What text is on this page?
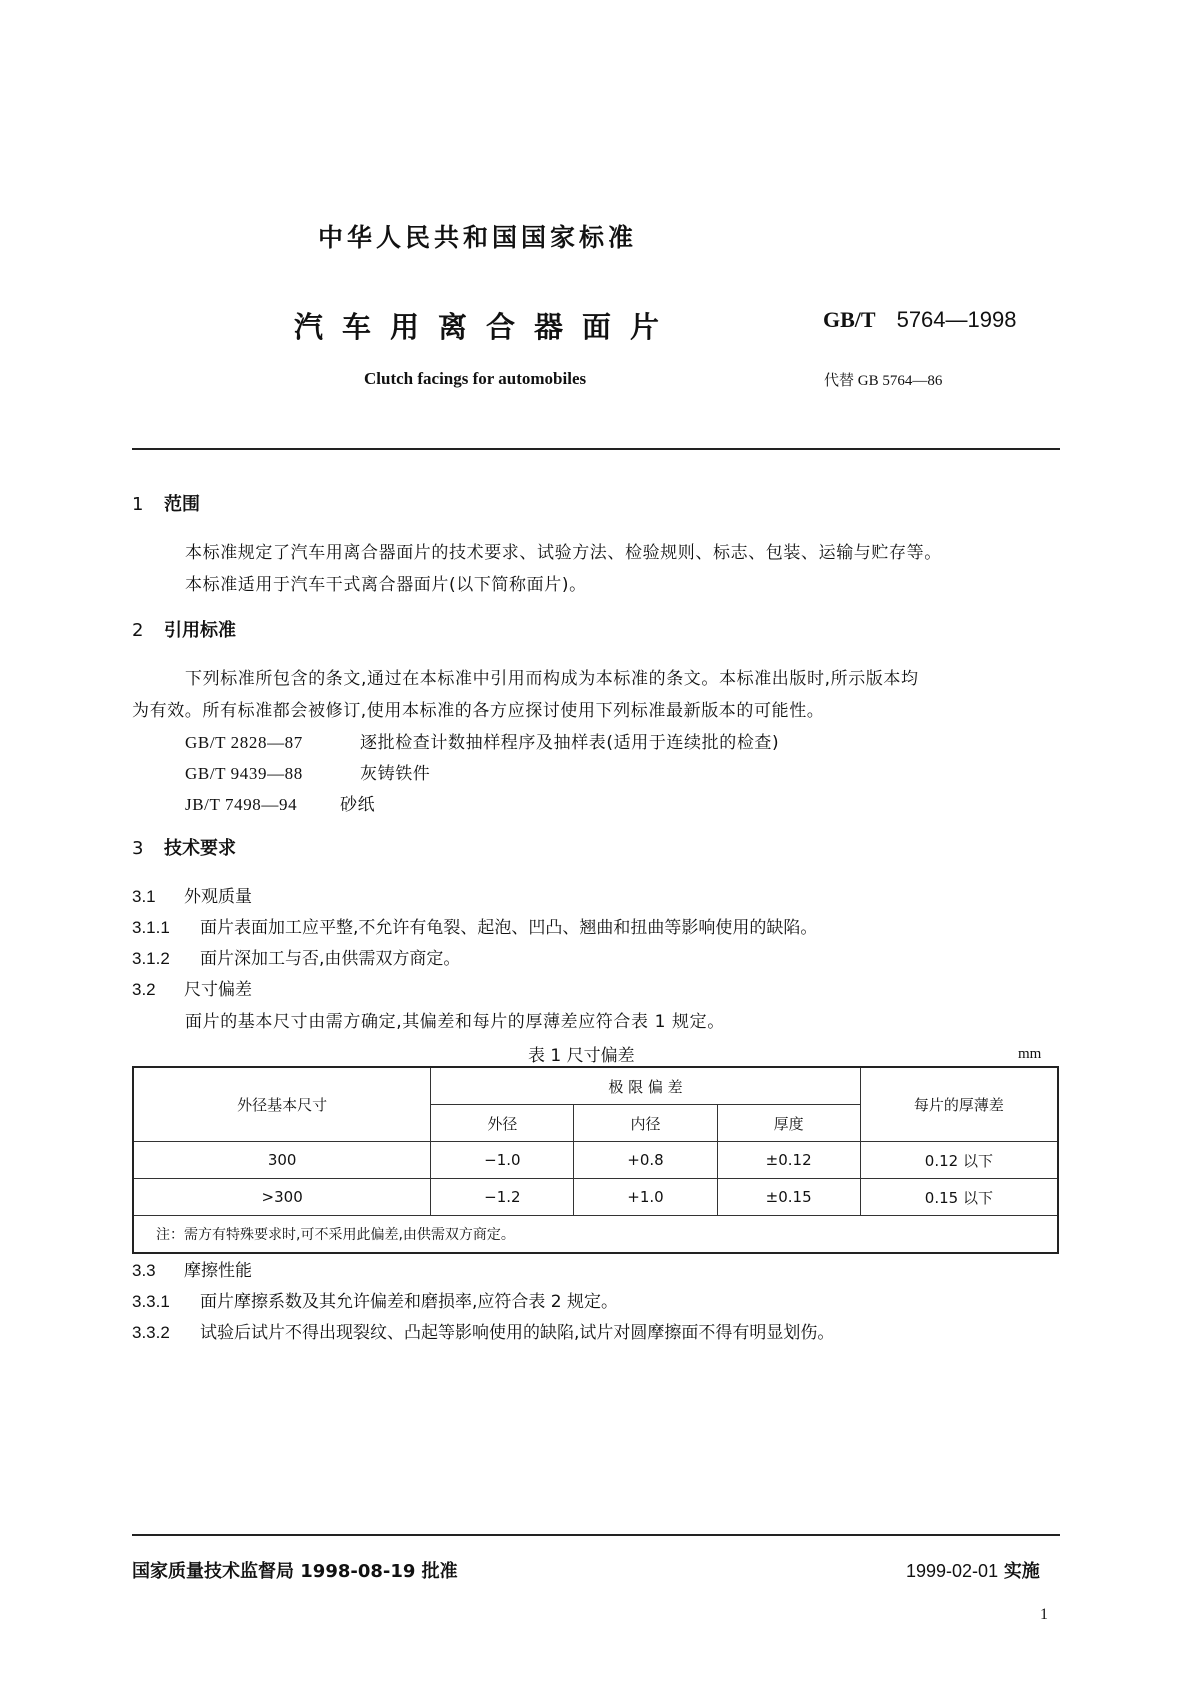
中华人民共和国国家标准
汽车用离合器面片	GB/T 5764—1998
Clutch facings for automobiles	代替 GB 5764—86
1 范围
本标准规定了汽车用离合器面片的技术要求、试验方法、检验规则、标志、包装、运输与贮存等。
本标准适用于汽车干式离合器面片(以下简称面片)。
2 引用标准
下列标准所包含的条文,通过在本标准中引用而构成为本标准的条文。本标准出版时,所示版本均
为有效。所有标准都会被修订,使用本标准的各方应探讨使用下列标准最新版本的可能性。
GB/T 2828—87	逐批检查计数抽样程序及抽样表(适用于连续批的检查)
GB/T 9439—88	灰铸铁件
JB/T 7498—94	砂纸
3 技术要求
3.1 外观质量
3.1.1 面片表面加工应平整,不允许有龟裂、起泡、凹凸、翘曲和扭曲等影响使用的缺陷。
3.1.2 面片深加工与否,由供需双方商定。
3.2 尺寸偏差
面片的基本尺寸由需方确定,其偏差和每片的厚薄差应符合表 1 规定。
表 1 尺寸偏差	mm
外径基本尺寸	极 限 偏 差			每片的厚薄差
	外径	内径	厚度	
300	−1.0	+0.8	±0.12	0.12 以下
>300	−1.2	+1.0	±0.15	0.15 以下
注：需方有特殊要求时,可不采用此偏差,由供需双方商定。				
3.3 摩擦性能
3.3.1 面片摩擦系数及其允许偏差和磨损率,应符合表 2 规定。
3.3.2 试验后试片不得出现裂纹、凸起等影响使用的缺陷,试片对圆摩擦面不得有明显划伤。
国家质量技术监督局 1998-08-19 批准	1999-02-01 实施
1
